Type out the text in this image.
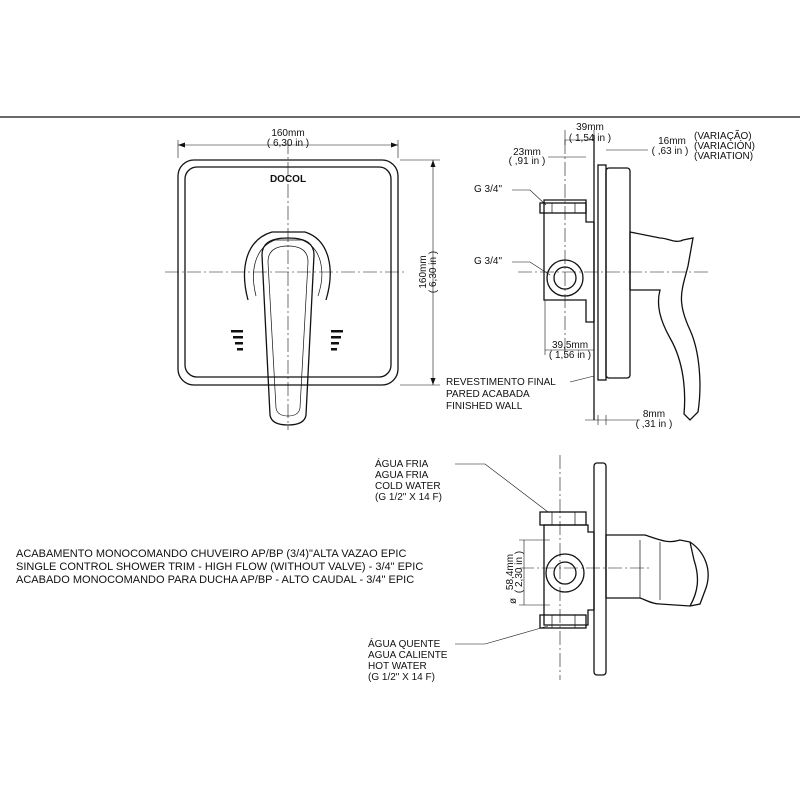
DOCOL
160mm
( 6,30 in )
160mm ( 6,30 in )
39mm
( 1,54 in )
23mm
( ,91 in )
16mm
( ,63 in )
(VARIAÇÃO)
(VARIACIÓN)
(VARIATION)
G 3/4"
G 3/4"
39,5mm
( 1,56 in )
REVESTIMENTO FINAL
PARED ACABADA
FINISHED WALL
8mm
( ,31 in )
58,4mm
( 2,30 in )
ø
ÁGUA FRIA
AGUA FRIA
COLD WATER
(G 1/2" X 14 F)
ÁGUA QUENTE
AGUA CALIENTE
HOT WATER
(G 1/2" X 14 F)
ACABAMENTO MONOCOMANDO CHUVEIRO AP/BP (3/4)"ALTA VAZAO EPIC
SINGLE CONTROL SHOWER TRIM - HIGH FLOW (WITHOUT VALVE) - 3/4" EPIC
ACABADO MONOCOMANDO PARA DUCHA AP/BP - ALTO CAUDAL - 3/4" EPIC
